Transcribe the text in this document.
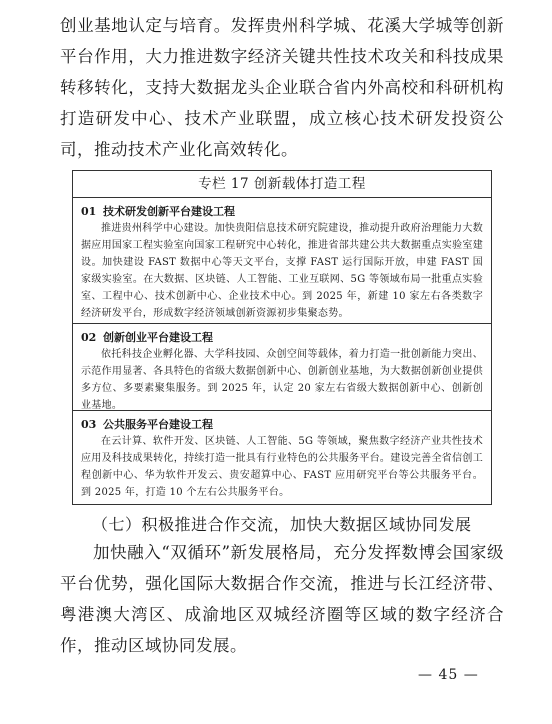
创业基地认定与培育。发挥贵州科学城、花溪大学城等创新平台作用，大力推进数字经济关键共性技术攻关和科技成果转移转化，支持大数据龙头企业联合省内外高校和科研机构打造研发中心、技术产业联盟，成立核心技术研发投资公司，推动技术产业化高效转化。

专栏 17 创新载体打造工程

01 技术研发创新平台建设工程

推进贵州科学中心建设。加快贵阳信息技术研究院建设，推动提升政府治理能力大数据应用国家工程实验室向国家工程研究中心转化，推进省部共建公共大数据重点实验室建设。加快建设 FAST 数据中心等天文平台，支撑 FAST 运行国际开放，申建 FAST 国家级实验室。在大数据、区块链、人工智能、工业互联网、5G 等领域布局一批重点实验室、工程中心、技术创新中心、企业技术中心。到 2025 年，新建 10 家左右各类数字经济研发平台，形成数字经济领域创新资源初步集聚态势。

02 创新创业平台建设工程

依托科技企业孵化器、大学科技园、众创空间等载体，着力打造一批创新能力突出、示范作用显著、各具特色的省级大数据创新中心、创新创业基地，为大数据创新创业提供多方位、多要素聚集服务。到 2025 年，认定 20 家左右省级大数据创新中心、创新创业基地。

03 公共服务平台建设工程

在云计算、软件开发、区块链、人工智能、5G 等领域，聚焦数字经济产业共性技术应用及科技成果转化，持续打造一批具有行业特色的公共服务平台。建设完善全省信创工程创新中心、华为软件开发云、贵安超算中心、FAST 应用研究平台等公共服务平台。到 2025 年，打造 10 个左右公共服务平台。

（七）积极推进合作交流，加快大数据区域协同发展

加快融入“双循环”新发展格局，充分发挥数博会国家级平台优势，强化国际大数据合作交流，推进与长江经济带、粤港澳大湾区、成渝地区双城经济圈等区域的数字经济合作，推动区域协同发展。

— 45 —
